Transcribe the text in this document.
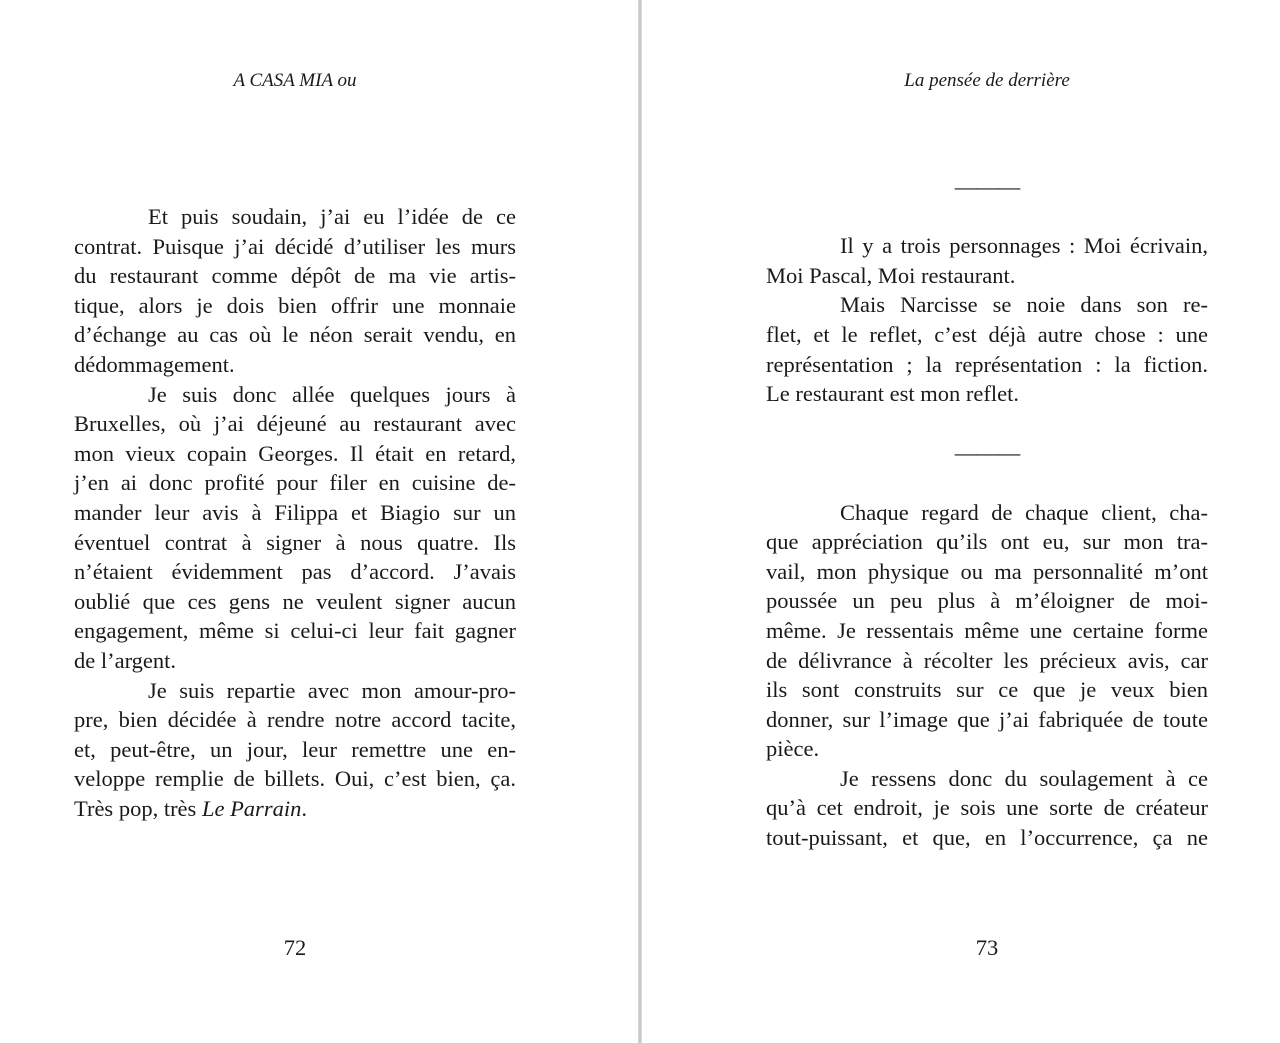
A CASA MIA ou

Et puis soudain, j’ai eu l’idée de ce
contrat. Puisque j’ai décidé d’utiliser les murs
du restaurant comme dépôt de ma vie artis-
tique, alors je dois bien offrir une monnaie
d’échange au cas où le néon serait vendu, en
dédommagement.

Je suis donc allée quelques jours à
Bruxelles, où j’ai déjeuné au restaurant avec
mon vieux copain Georges. Il était en retard,
j’en ai donc profité pour filer en cuisine de-
mander leur avis à Filippa et Biagio sur un
éventuel contrat à signer à nous quatre. Ils
n’étaient évidemment pas d’accord. J’avais
oublié que ces gens ne veulent signer aucun
engagement, même si celui-ci leur fait gagner
de l’argent.

Je suis repartie avec mon amour-pro-
pre, bien décidée à rendre notre accord tacite,
et, peut-être, un jour, leur remettre une en-
veloppe remplie de billets. Oui, c’est bien, ça.
Très pop, très Le Parrain.

72

La pensée de derrière

———

Il y a trois personnages : Moi écrivain,
Moi Pascal, Moi restaurant.

Mais Narcisse se noie dans son re-
flet, et le reflet, c’est déjà autre chose : une
représentation ; la représentation : la fiction.
Le restaurant est mon reflet.

———

Chaque regard de chaque client, cha-
que appréciation qu’ils ont eu, sur mon tra-
vail, mon physique ou ma personnalité m’ont
poussée un peu plus à m’éloigner de moi-
même. Je ressentais même une certaine forme
de délivrance à récolter les précieux avis, car
ils sont construits sur ce que je veux bien
donner, sur l’image que j’ai fabriquée de toute
pièce.

Je ressens donc du soulagement à ce
qu’à cet endroit, je sois une sorte de créateur
tout-puissant, et que, en l’occurrence, ça ne

73
